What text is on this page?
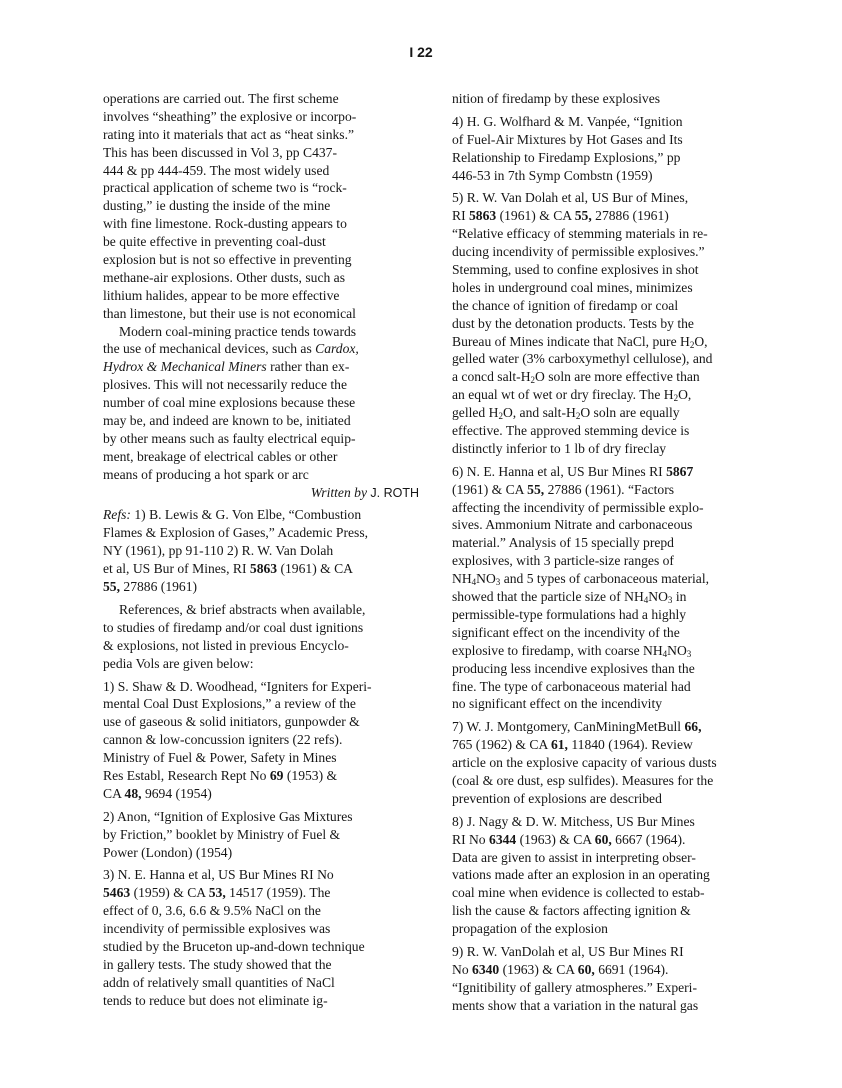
I 22
operations are carried out. The first scheme
involves “sheathing” the explosive or incorpo-
rating into it materials that act as “heat sinks.”
This has been discussed in Vol 3, pp C437-
444 & pp 444-459. The most widely used
practical application of scheme two is “rock-
dusting,” ie dusting the inside of the mine
with fine limestone. Rock-dusting appears to
be quite effective in preventing coal-dust
explosion but is not so effective in preventing
methane-air explosions. Other dusts, such as
lithium halides, appear to be more effective
than limestone, but their use is not economical
Modern coal-mining practice tends towards
the use of mechanical devices, such as Cardox,
Hydrox & Mechanical Miners rather than ex-
plosives. This will not necessarily reduce the
number of coal mine explosions because these
may be, and indeed are known to be, initiated
by other means such as faulty electrical equip-
ment, breakage of electrical cables or other
means of producing a hot spark or arc
Written by J. ROTH
Refs: 1) B. Lewis & G. Von Elbe, “Combustion
Flames & Explosion of Gases,” Academic Press,
NY (1961), pp 91-110 2) R. W. Van Dolah
et al, US Bur of Mines, RI 5863 (1961) & CA
55, 27886 (1961)
References, & brief abstracts when available,
to studies of firedamp and/or coal dust ignitions
& explosions, not listed in previous Encyclo-
pedia Vols are given below:
1) S. Shaw & D. Woodhead, “Igniters for Experi-
mental Coal Dust Explosions,” a review of the
use of gaseous & solid initiators, gunpowder &
cannon & low-concussion igniters (22 refs).
Ministry of Fuel & Power, Safety in Mines
Res Establ, Research Rept No 69 (1953) &
CA 48, 9694 (1954)
2) Anon, “Ignition of Explosive Gas Mixtures
by Friction,” booklet by Ministry of Fuel &
Power (London) (1954)
3) N. E. Hanna et al, US Bur Mines RI No
5463 (1959) & CA 53, 14517 (1959). The
effect of 0, 3.6, 6.6 & 9.5% NaCl on the
incendivity of permissible explosives was
studied by the Bruceton up-and-down technique
in gallery tests. The study showed that the
addn of relatively small quantities of NaCl
tends to reduce but does not eliminate ig-
nition of firedamp by these explosives
4) H. G. Wolfhard & M. Vanpée, “Ignition
of Fuel-Air Mixtures by Hot Gases and Its
Relationship to Firedamp Explosions,” pp
446-53 in 7th Symp Combstn (1959)
5) R. W. Van Dolah et al, US Bur of Mines,
RI 5863 (1961) & CA 55, 27886 (1961)
“Relative efficacy of stemming materials in re-
ducing incendivity of permissible explosives.”
Stemming, used to confine explosives in shot
holes in underground coal mines, minimizes
the chance of ignition of firedamp or coal
dust by the detonation products. Tests by the
Bureau of Mines indicate that NaCl, pure $H_2O$,
gelled water (3% carboxymethyl cellulose), and
a concd salt-$H_2O$ soln are more effective than
an equal wt of wet or dry fireclay. The $H_2O$,
gelled $H_2O$, and salt-$H_2O$ soln are equally
effective. The approved stemming device is
distinctly inferior to 1 lb of dry fireclay
6) N. E. Hanna et al, US Bur Mines RI 5867
(1961) & CA 55, 27886 (1961). “Factors
affecting the incendivity of permissible explo-
sives. Ammonium Nitrate and carbonaceous
material.” Analysis of 15 specially prepd
explosives, with 3 particle-size ranges of
$NH_4NO_3$ and 5 types of carbonaceous material,
showed that the particle size of $NH_4NO_3$ in
permissible-type formulations had a highly
significant effect on the incendivity of the
explosive to firedamp, with coarse $NH_4NO_3$
producing less incendive explosives than the
fine. The type of carbonaceous material had
no significant effect on the incendivity
7) W. J. Montgomery, CanMiningMetBull 66,
765 (1962) & CA 61, 11840 (1964). Review
article on the explosive capacity of various dusts
(coal & ore dust, esp sulfides). Measures for the
prevention of explosions are described
8) J. Nagy & D. W. Mitchess, US Bur Mines
RI No 6344 (1963) & CA 60, 6667 (1964).
Data are given to assist in interpreting obser-
vations made after an explosion in an operating
coal mine when evidence is collected to estab-
lish the cause & factors affecting ignition &
propagation of the explosion
9) R. W. VanDolah et al, US Bur Mines RI
No 6340 (1963) & CA 60, 6691 (1964).
“Ignitibility of gallery atmospheres.” Experi-
ments show that a variation in the natural gas
